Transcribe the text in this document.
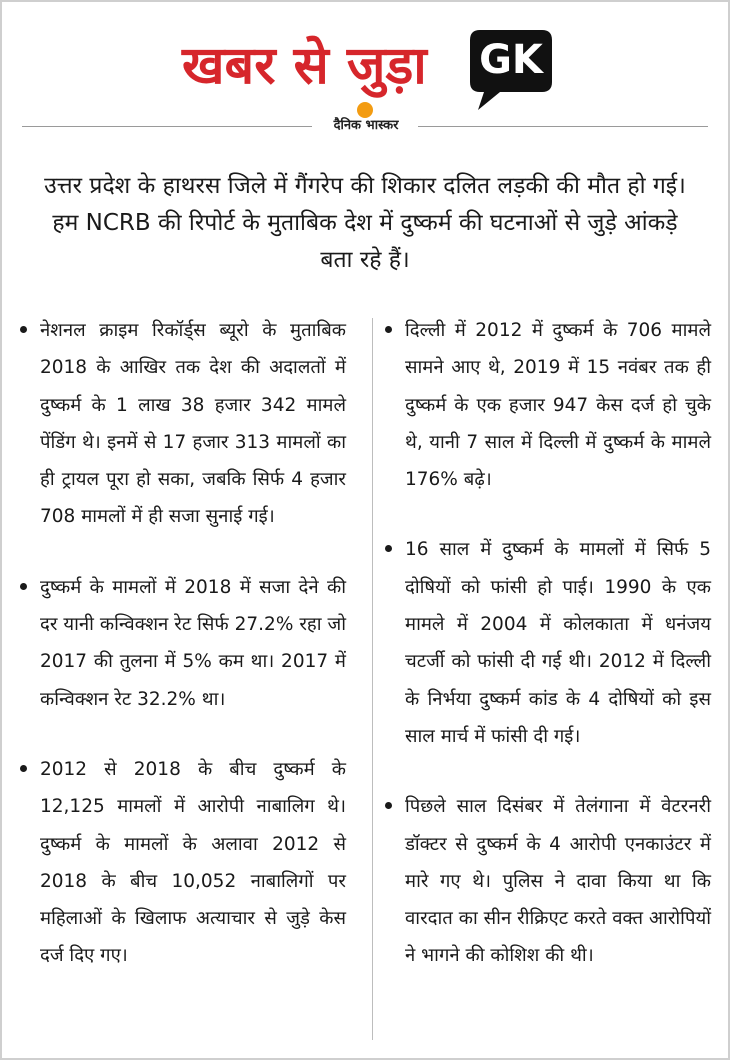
खबर से जुड़ा GK
दैनिक भास्कर
उत्तर प्रदेश के हाथरस जिले में गैंगरेप की शिकार दलित लड़की की मौत हो गई। हम NCRB की रिपोर्ट के मुताबिक देश में दुष्कर्म की घटनाओं से जुड़े आंकड़े बता रहे हैं।

नेशनल क्राइम रिकॉर्ड्स ब्यूरो के मुताबिक 2018 के आखिर तक देश की अदालतों में दुष्कर्म के 1 लाख 38 हजार 342 मामले पेंडिंग थे। इनमें से 17 हजार 313 मामलों का ही ट्रायल पूरा हो सका, जबकि सिर्फ 4 हजार 708 मामलों में ही सजा सुनाई गई।

दुष्कर्म के मामलों में 2018 में सजा देने की दर यानी कन्विक्शन रेट सिर्फ 27.2% रहा जो 2017 की तुलना में 5% कम था। 2017 में कन्विक्शन रेट 32.2% था।

2012 से 2018 के बीच दुष्कर्म के 12,125 मामलों में आरोपी नाबालिग थे। दुष्कर्म के मामलों के अलावा 2012 से 2018 के बीच 10,052 नाबालिगों पर महिलाओं के खिलाफ अत्याचार से जुड़े केस दर्ज दिए गए।

दिल्ली में 2012 में दुष्कर्म के 706 मामले सामने आए थे, 2019 में 15 नवंबर तक ही दुष्कर्म के एक हजार 947 केस दर्ज हो चुके थे, यानी 7 साल में दिल्ली में दुष्कर्म के मामले 176% बढ़े।

16 साल में दुष्कर्म के मामलों में सिर्फ 5 दोषियों को फांसी हो पाई। 1990 के एक मामले में 2004 में कोलकाता में धनंजय चटर्जी को फांसी दी गई थी। 2012 में दिल्ली के निर्भया दुष्कर्म कांड के 4 दोषियों को इस साल मार्च में फांसी दी गई।

पिछले साल दिसंबर में तेलंगाना में वेटरनरी डॉक्टर से दुष्कर्म के 4 आरोपी एनकाउंटर में मारे गए थे। पुलिस ने दावा किया था कि वारदात का सीन रीक्रिएट करते वक्त आरोपियों ने भागने की कोशिश की थी।
